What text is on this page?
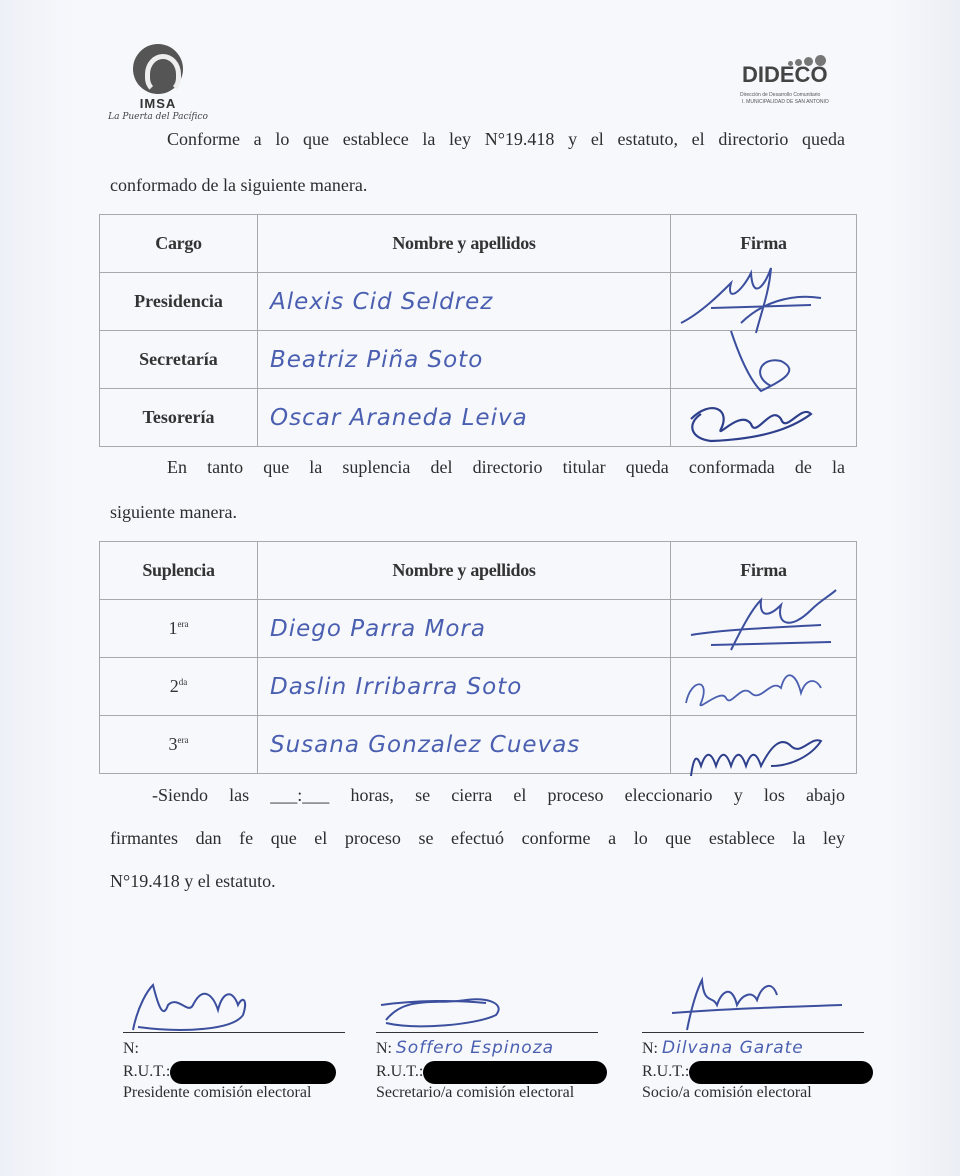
IMSA
La Puerta del Pacífico
DIDECO
Dirección de Desarrollo Comunitario
I. MUNICIPALIDAD DE SAN ANTONIO
Conforme a lo que establece la ley N°19.418 y el estatuto, el directorio queda
conformado de la siguiente manera.
Cargo	Nombre y apellidos	Firma
Presidencia	Alexis Cid Seldrez	

Secretaría	Beatriz Piña Soto	

Tesorería	Oscar Araneda Leiva	
En tanto que la suplencia del directorio titular queda conformada de la
siguiente manera.
Suplencia	Nombre y apellidos	Firma
$1^{era}$	Diego Parra Mora	

$2^{da}$	Daslin Irribarra Soto	

$3^{era}$	Susana Gonzalez Cuevas	
-Siendo las ___:___ horas, se cierra el proceso eleccionario y los abajo
firmantes dan fe que el proceso se efectuó conforme a lo que establece la ley
N°19.418 y el estatuto.
N:
R.U.T.:
Presidente comisión electoral
N: Soffero Espinoza
R.U.T.:
Secretario/a comisión electoral
N: Dilvana Garate
R.U.T.:
Socio/a comisión electoral
